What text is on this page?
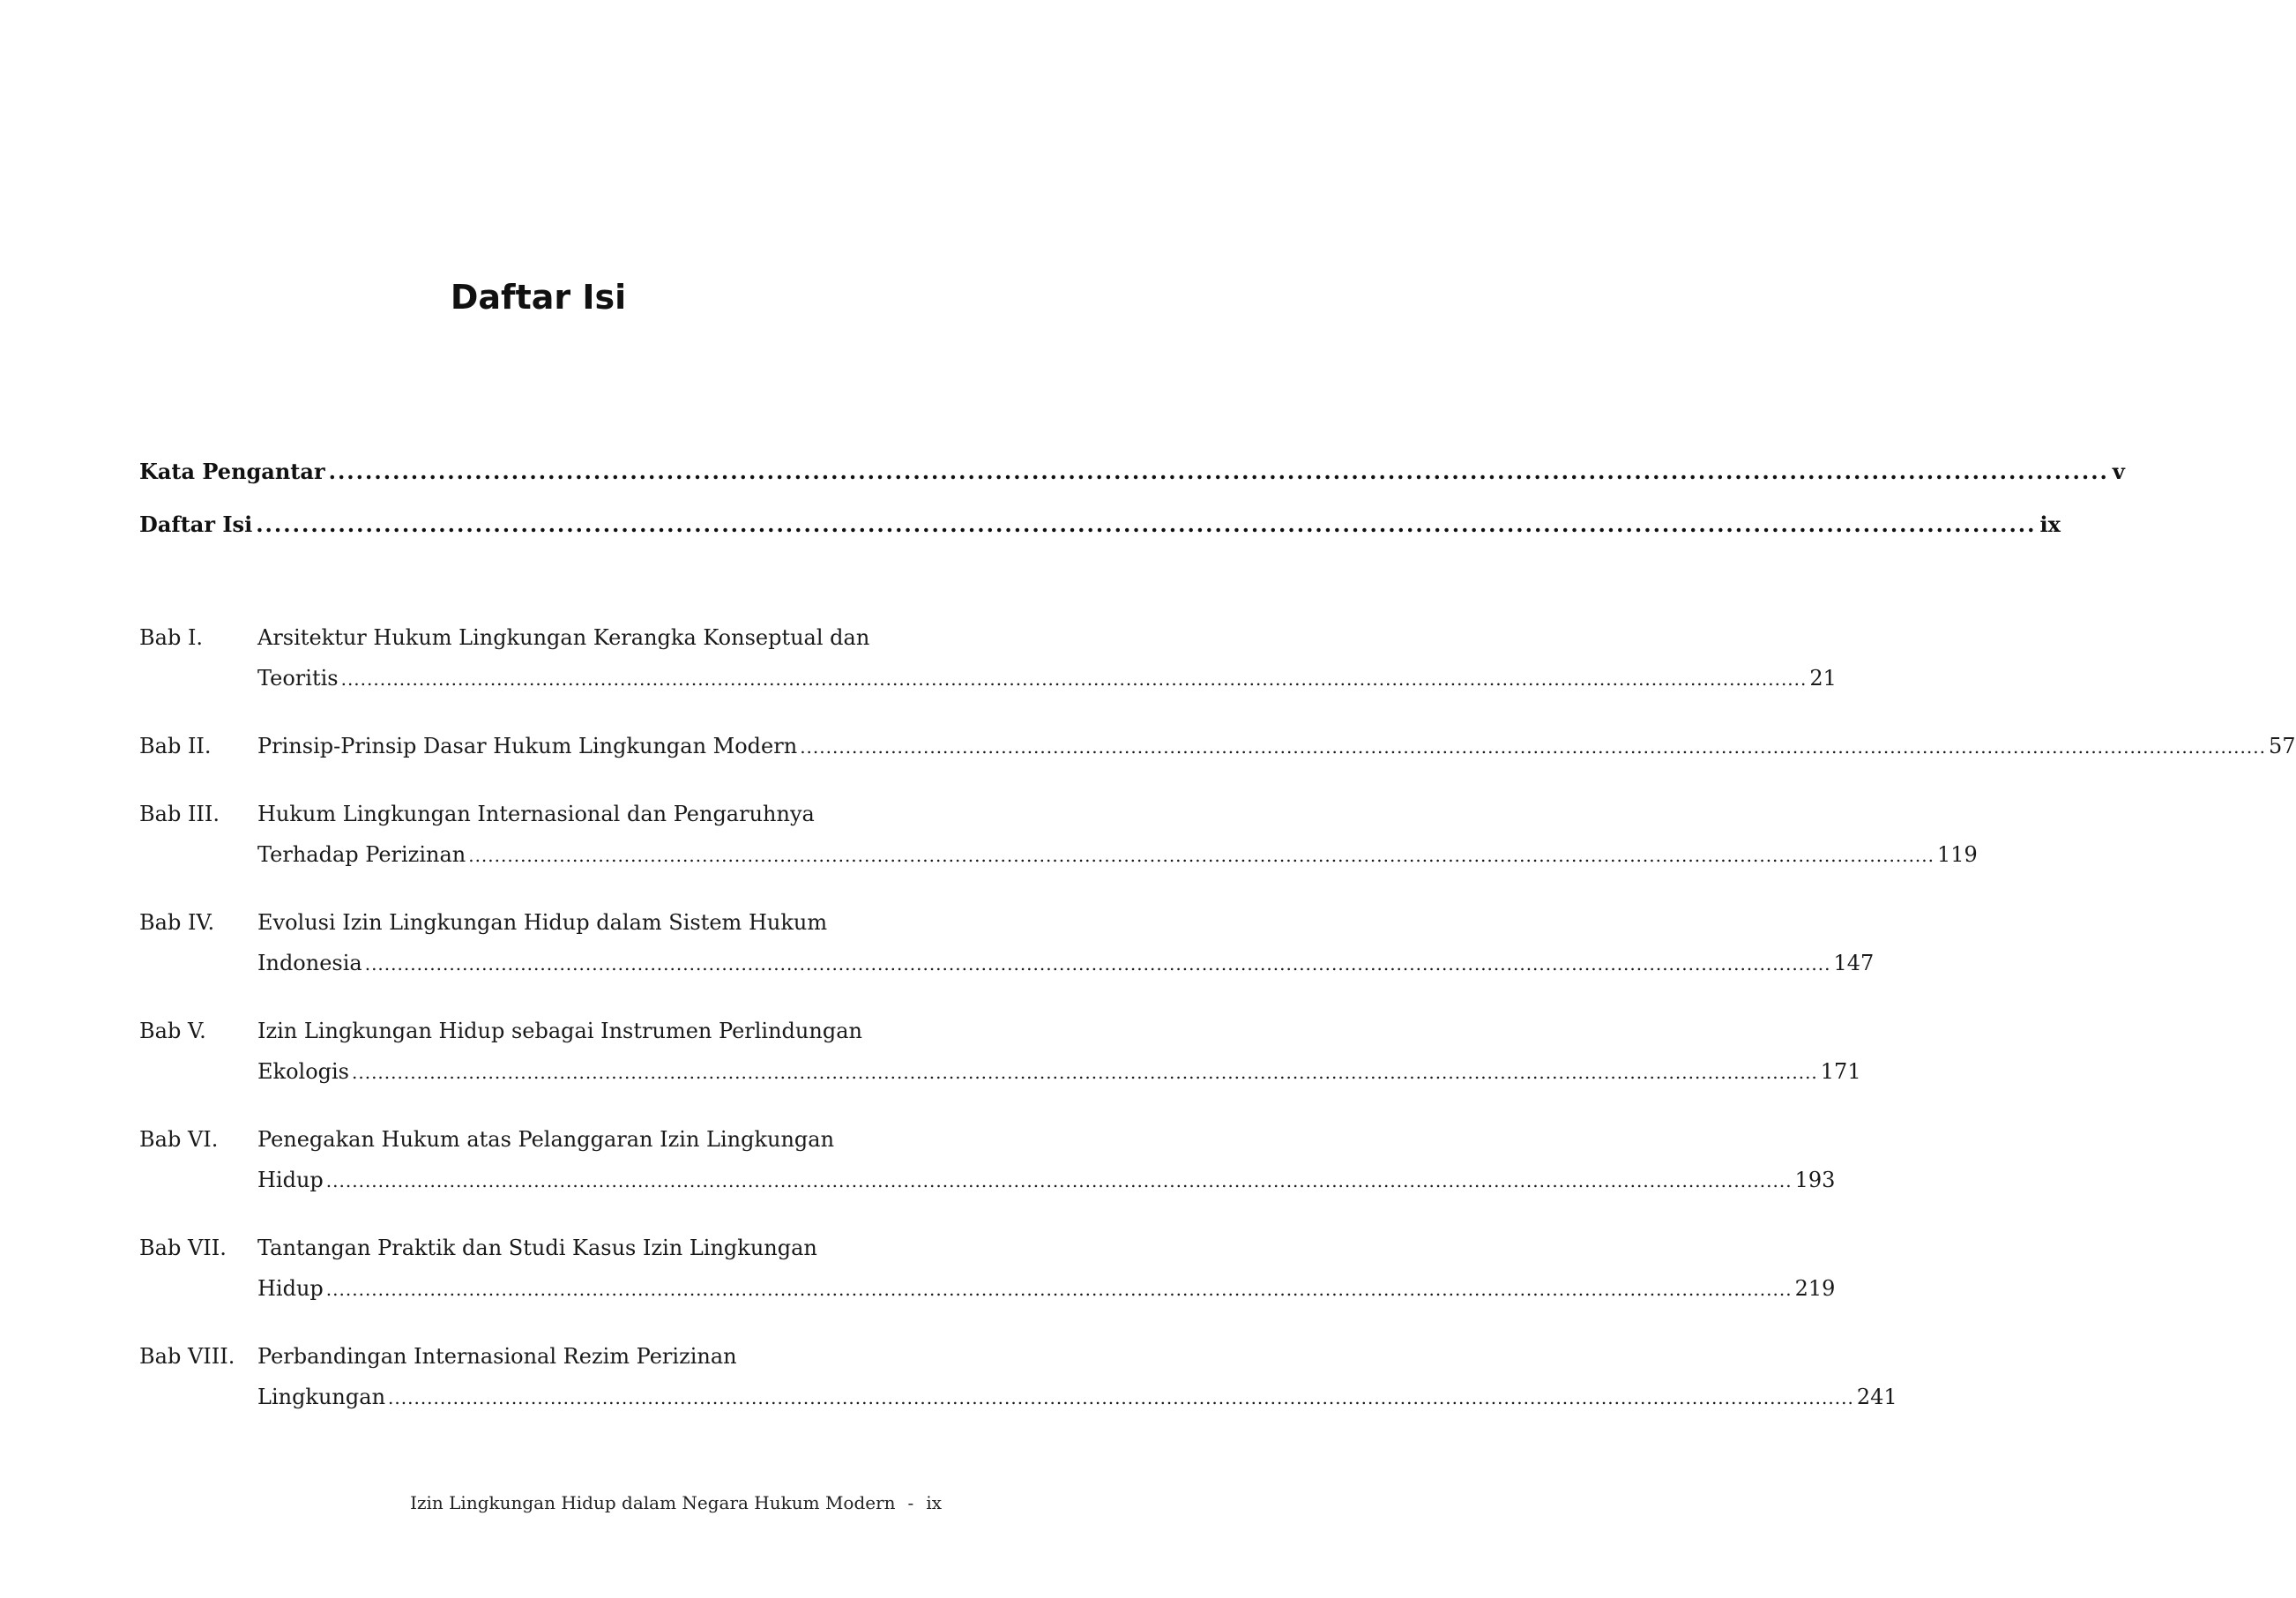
Daftar Isi
Kata Pengantar .....	v
Daftar Isi .....	ix
Bab I.	Arsitektur Hukum Lingkungan Kerangka Konseptual dan
Teoritis .....	21
Bab II.	Prinsip-Prinsip Dasar Hukum Lingkungan Modern .....	57
Bab III.	Hukum Lingkungan Internasional dan Pengaruhnya
Terhadap Perizinan .....	119
Bab IV.	Evolusi Izin Lingkungan Hidup dalam Sistem Hukum
Indonesia .....	147
Bab V.	Izin Lingkungan Hidup sebagai Instrumen Perlindungan
Ekologis .....	171
Bab VI.	Penegakan Hukum atas Pelanggaran Izin Lingkungan
Hidup .....	193
Bab VII.	Tantangan Praktik dan Studi Kasus Izin Lingkungan
Hidup .....	219
Bab VIII.	Perbandingan Internasional Rezim Perizinan
Lingkungan .....	241
Izin Lingkungan Hidup dalam Negara Hukum Modern - ix
